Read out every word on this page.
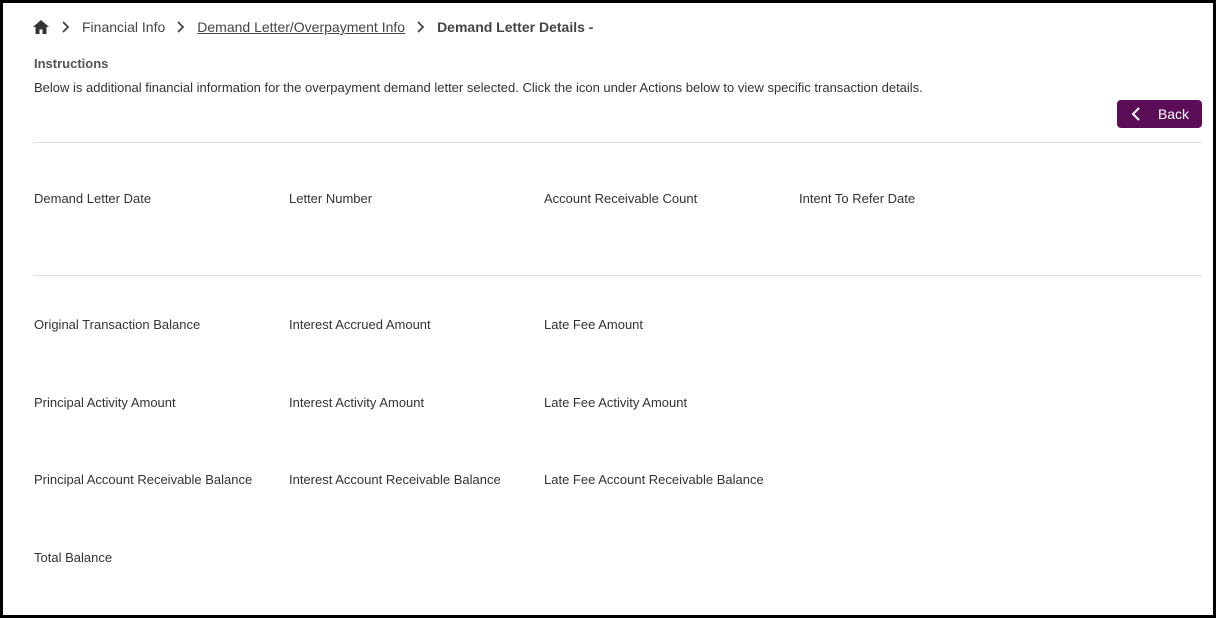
Financial Info Demand Letter/Overpayment Info Demand Letter Details -
Instructions
Below is additional financial information for the overpayment demand letter selected. Click the icon under Actions below to view specific transaction details.
Back
Demand Letter Date	Letter Number	Account Receivable Count	Intent To Refer Date
Original Transaction Balance	Interest Accrued Amount	Late Fee Amount
Principal Activity Amount	Interest Activity Amount	Late Fee Activity Amount
Principal Account Receivable Balance	Interest Account Receivable Balance	Late Fee Account Receivable Balance
Total Balance
